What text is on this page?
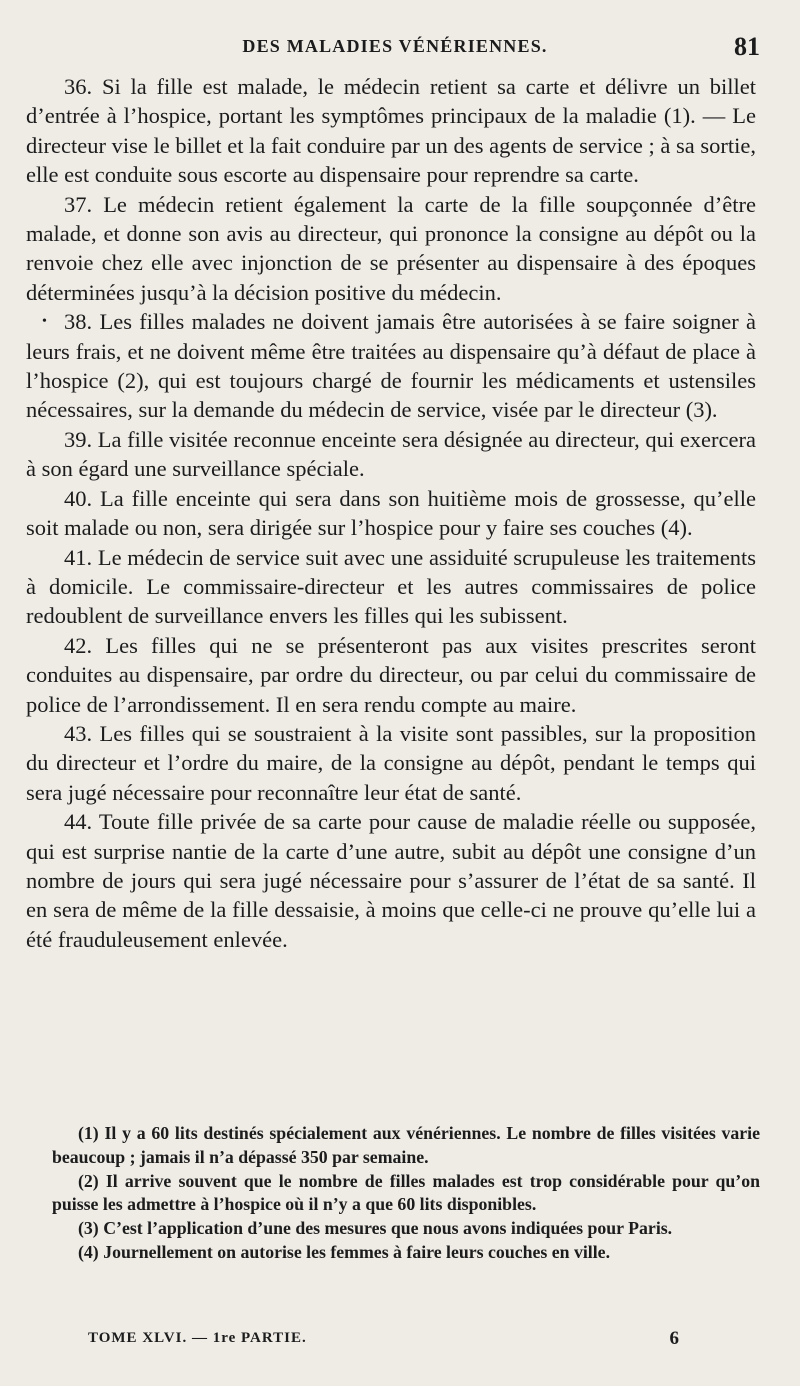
DES MALADIES VÉNÉRIENNES.	81

36. Si la fille est malade, le médecin retient sa carte et délivre un billet d’entrée à l’hospice, portant les symptômes principaux de la maladie (1). — Le directeur vise le billet et la fait conduire par un des agents de service ; à sa sortie, elle est conduite sous escorte au dispensaire pour reprendre sa carte.

37. Le médecin retient également la carte de la fille soupçonnée d’être malade, et donne son avis au directeur, qui prononce la consigne au dépôt ou la renvoie chez elle avec injonction de se présenter au dispensaire à des époques déterminées jusqu’à la décision positive du médecin.

• 38. Les filles malades ne doivent jamais être autorisées à se faire soigner à leurs frais, et ne doivent même être traitées au dispensaire qu’à défaut de place à l’hospice (2), qui est toujours chargé de fournir les médicaments et ustensiles nécessaires, sur la demande du médecin de service, visée par le directeur (3).

39. La fille visitée reconnue enceinte sera désignée au directeur, qui exercera à son égard une surveillance spéciale.

40. La fille enceinte qui sera dans son huitième mois de grossesse, qu’elle soit malade ou non, sera dirigée sur l’hospice pour y faire ses couches (4).

41. Le médecin de service suit avec une assiduité scrupuleuse les traitements à domicile. Le commissaire-directeur et les autres commissaires de police redoublent de surveillance envers les filles qui les subissent.

42. Les filles qui ne se présenteront pas aux visites prescrites seront conduites au dispensaire, par ordre du directeur, ou par celui du commissaire de police de l’arrondissement. Il en sera rendu compte au maire.

43. Les filles qui se soustraient à la visite sont passibles, sur la proposition du directeur et l’ordre du maire, de la consigne au dépôt, pendant le temps qui sera jugé nécessaire pour reconnaître leur état de santé.

44. Toute fille privée de sa carte pour cause de maladie réelle ou supposée, qui est surprise nantie de la carte d’une autre, subit au dépôt une consigne d’un nombre de jours qui sera jugé nécessaire pour s’assurer de l’état de sa santé. Il en sera de même de la fille dessaisie, à moins que celle-ci ne prouve qu’elle lui a été frauduleusement enlevée.

(1) Il y a 60 lits destinés spécialement aux vénériennes. Le nombre de filles visitées varie beaucoup ; jamais il n’a dépassé 350 par semaine.

(2) Il arrive souvent que le nombre de filles malades est trop considérable pour qu’on puisse les admettre à l’hospice où il n’y a que 60 lits disponibles.

(3) C’est l’application d’une des mesures que nous avons indiquées pour Paris.

(4) Journellement on autorise les femmes à faire leurs couches en ville.

TOME XLVI. — 1re PARTIE.	6
